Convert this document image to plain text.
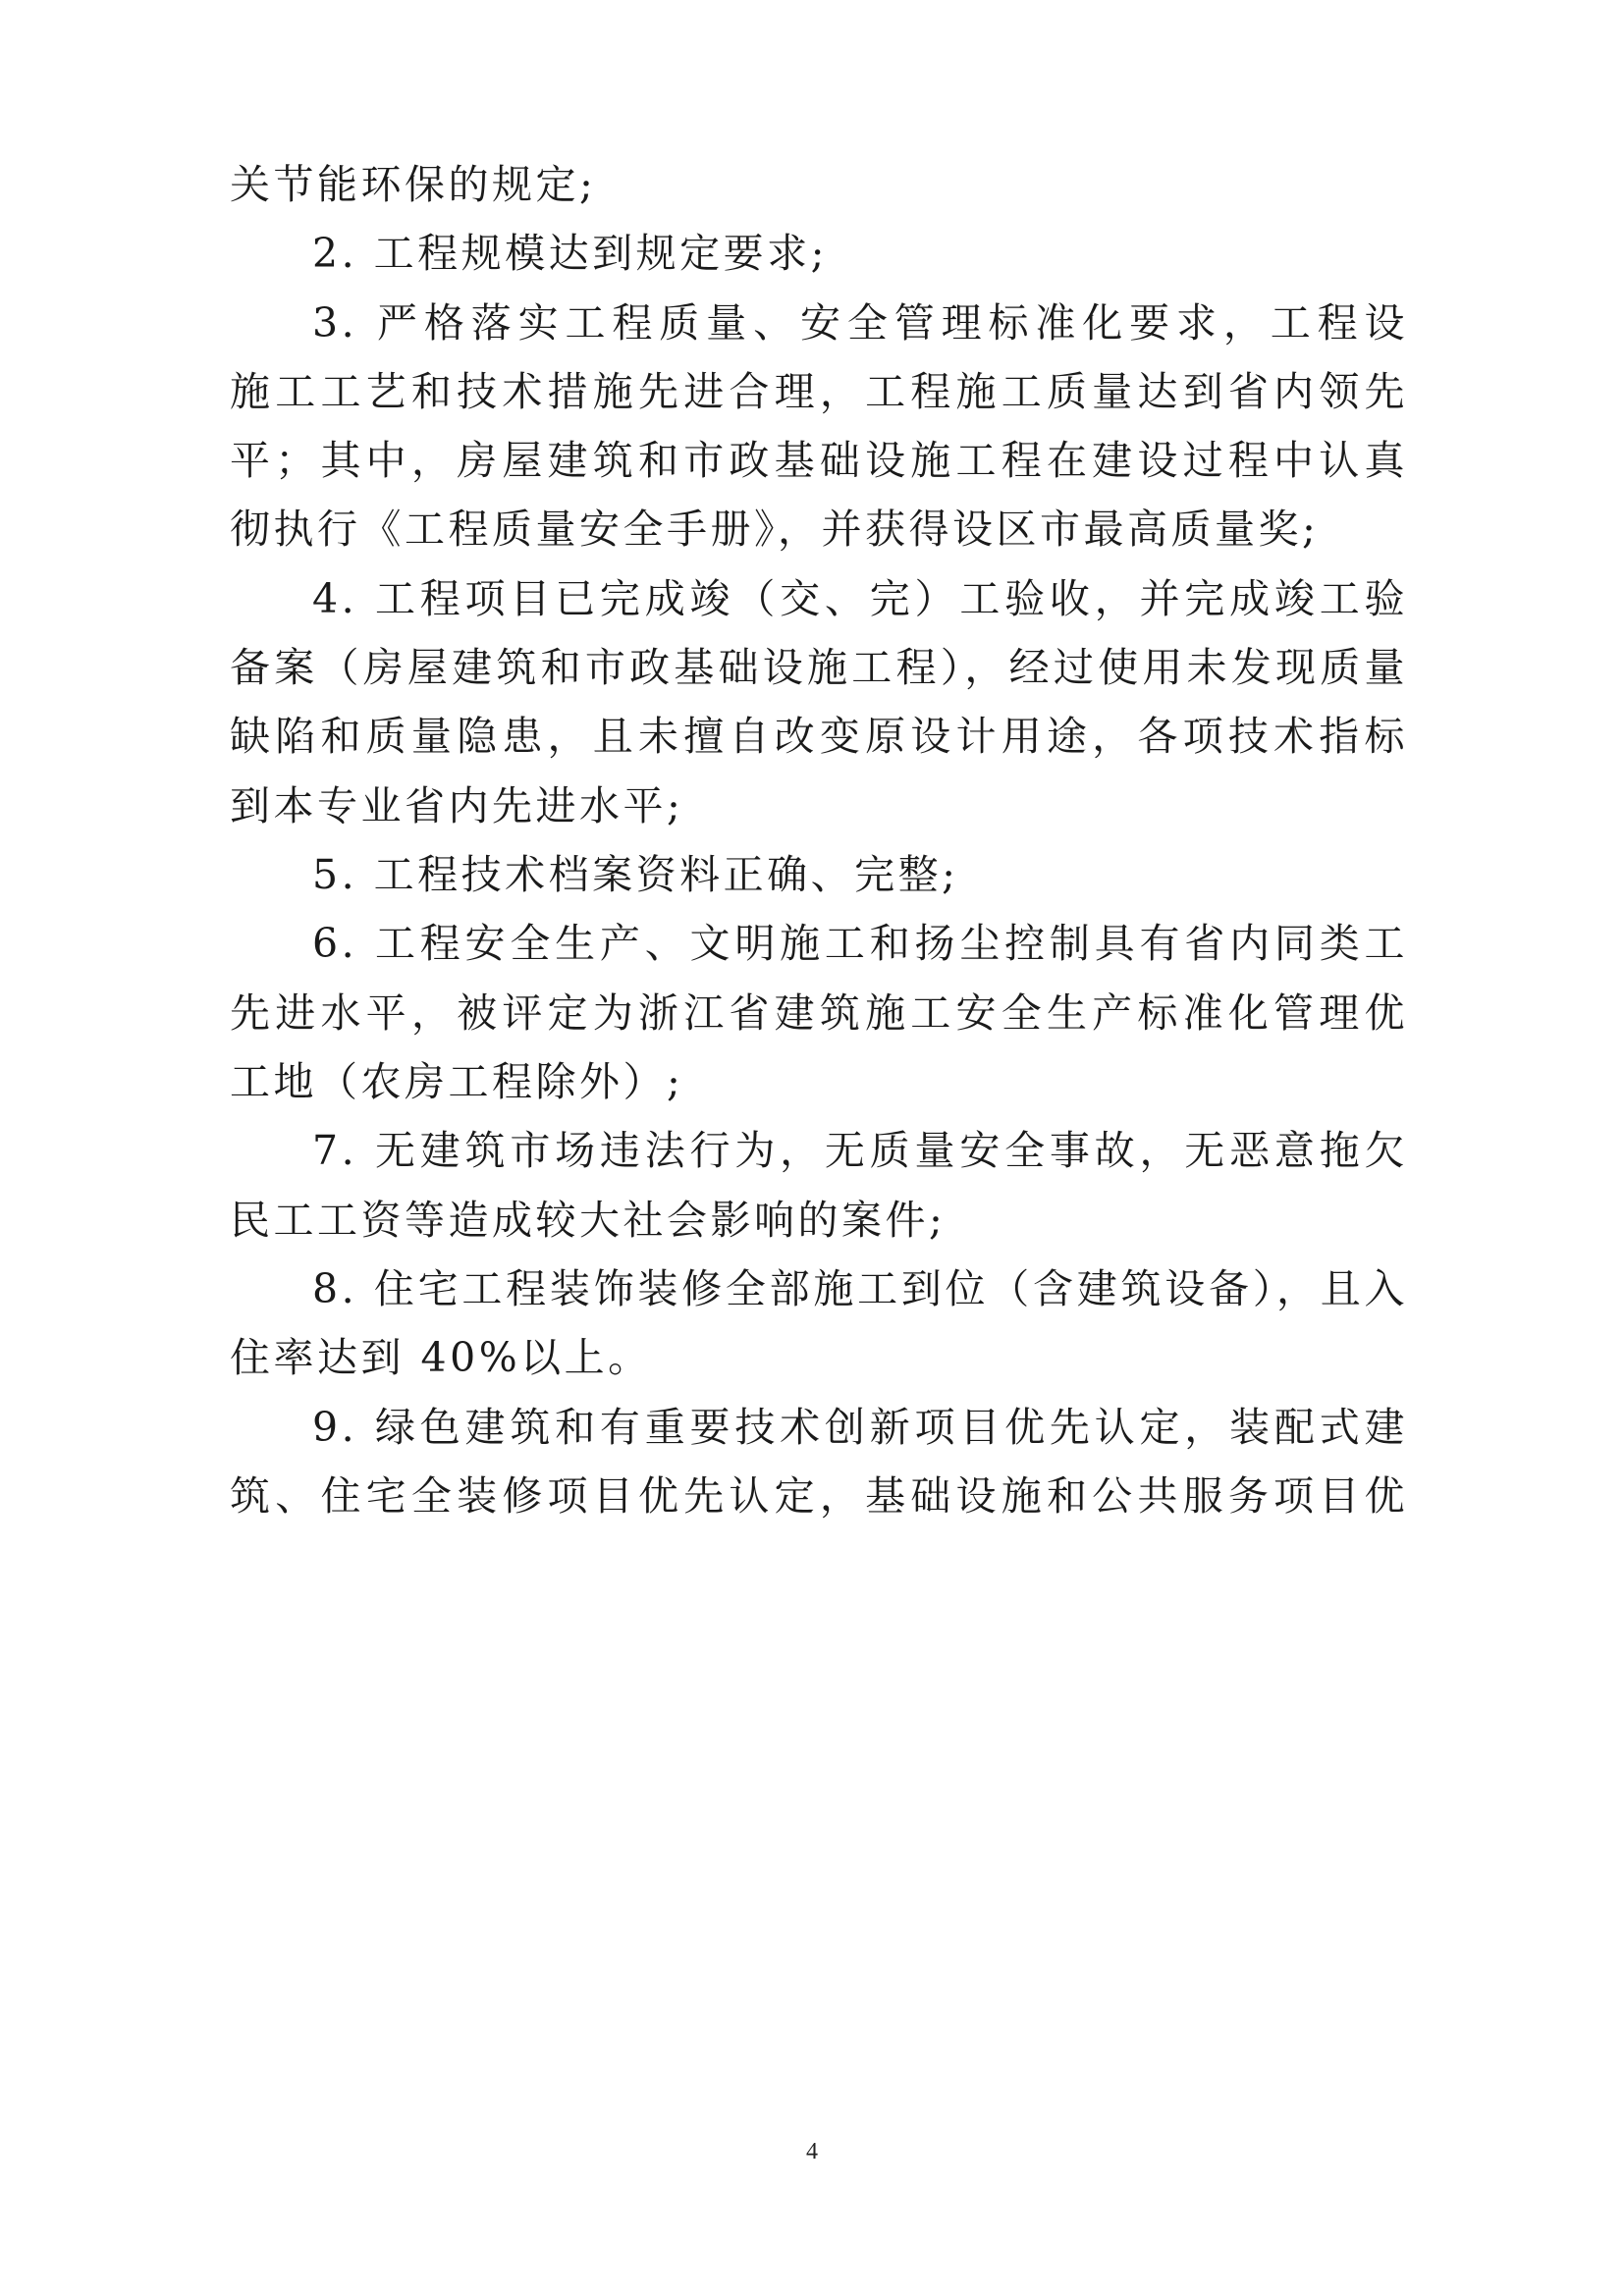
关节能环保的规定;
2. 工程规模达到规定要求;
3. 严格落实工程质量、安全管理标准化要求，工程设
施工工艺和技术措施先进合理，工程施工质量达到省内领先
平；其中，房屋建筑和市政基础设施工程在建设过程中认真
彻执行《工程质量安全手册》，并获得设区市最高质量奖;
4. 工程项目已完成竣（交、完）工验收，并完成竣工验
备案（房屋建筑和市政基础设施工程），经过使用未发现质量
缺陷和质量隐患，且未擅自改变原设计用途，各项技术指标
到本专业省内先进水平;
5. 工程技术档案资料正确、完整;
6. 工程安全生产、文明施工和扬尘控制具有省内同类工
先进水平，被评定为浙江省建筑施工安全生产标准化管理优
工地（农房工程除外）;
7. 无建筑市场违法行为，无质量安全事故，无恶意拖欠
民工工资等造成较大社会影响的案件;
8. 住宅工程装饰装修全部施工到位（含建筑设备），且入
住率达到 40%以上。
9. 绿色建筑和有重要技术创新项目优先认定，装配式建
筑、住宅全装修项目优先认定，基础设施和公共服务项目优
4
